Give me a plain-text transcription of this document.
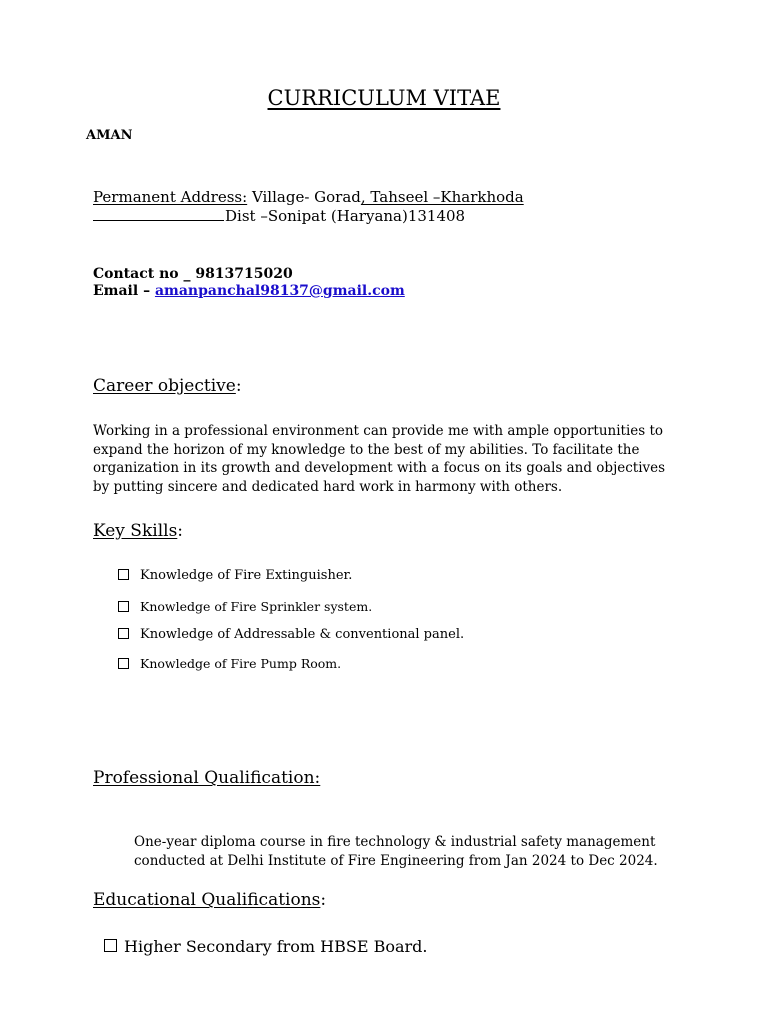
CURRICULUM VITAE
AMAN
Permanent Address: Village- Gorad, Tahseel –Kharkhoda
Dist –Sonipat (Haryana)131408
Contact no _ 9813715020
Email – amanpanchal98137@gmail.com
Career objective:
Working in a professional environment can provide me with ample opportunities to expand the horizon of my knowledge to the best of my abilities. To facilitate the organization in its growth and development with a focus on its goals and objectives by putting sincere and dedicated hard work in harmony with others.
Key Skills:
Knowledge of Fire Extinguisher.
Knowledge of Fire Sprinkler system.
Knowledge of Addressable & conventional panel.
Knowledge of Fire Pump Room.
Professional Qualification:
One-year diploma course in fire technology & industrial safety management conducted at Delhi Institute of Fire Engineering from Jan 2024 to Dec 2024.
Educational Qualifications:
Higher Secondary from HBSE Board.
